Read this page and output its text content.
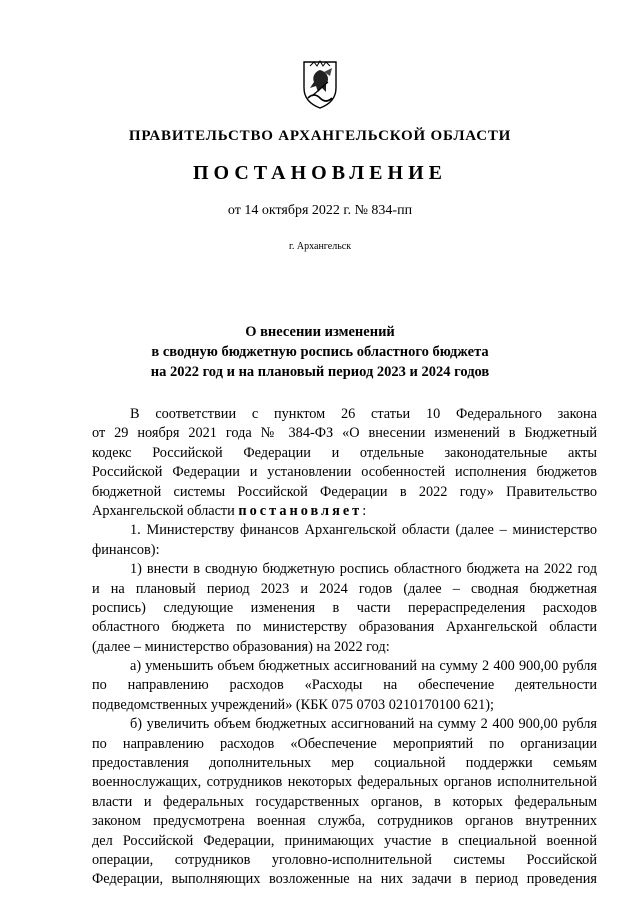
ПРАВИТЕЛЬСТВО АРХАНГЕЛЬСКОЙ ОБЛАСТИ
ПОСТАНОВЛЕНИЕ
от 14 октября 2022 г. № 834-пп
г. Архангельск
О внесении изменений
в сводную бюджетную роспись областного бюджета
на 2022 год и на плановый период 2023 и 2024 годов
В соответствии с пунктом 26 статьи 10 Федерального закона
от 29 ноября 2021 года № 384-ФЗ «О внесении изменений в Бюджетный
кодекс Российской Федерации и отдельные законодательные акты
Российской Федерации и установлении особенностей исполнения бюджетов
бюджетной системы Российской Федерации в 2022 году» Правительство
Архангельской области постановляет:
1. Министерству финансов Архангельской области (далее – министерство
финансов):
1) внести в сводную бюджетную роспись областного бюджета на 2022 год
и на плановый период 2023 и 2024 годов (далее – сводная бюджетная
роспись) следующие изменения в части перераспределения расходов
областного бюджета по министерству образования Архангельской области
(далее – министерство образования) на 2022 год:
а) уменьшить объем бюджетных ассигнований на сумму 2 400 900,00 рубля
по направлению расходов «Расходы на обеспечение деятельности
подведомственных учреждений» (КБК 075 0703 0210170100 621);
б) увеличить объем бюджетных ассигнований на сумму 2 400 900,00 рубля
по направлению расходов «Обеспечение мероприятий по организации
предоставления дополнительных мер социальной поддержки семьям
военнослужащих, сотрудников некоторых федеральных органов исполнительной
власти и федеральных государственных органов, в которых федеральным
законом предусмотрена военная служба, сотрудников органов внутренних
дел Российской Федерации, принимающих участие в специальной военной
операции, сотрудников уголовно-исполнительной системы Российской
Федерации, выполняющих возложенные на них задачи в период проведения
